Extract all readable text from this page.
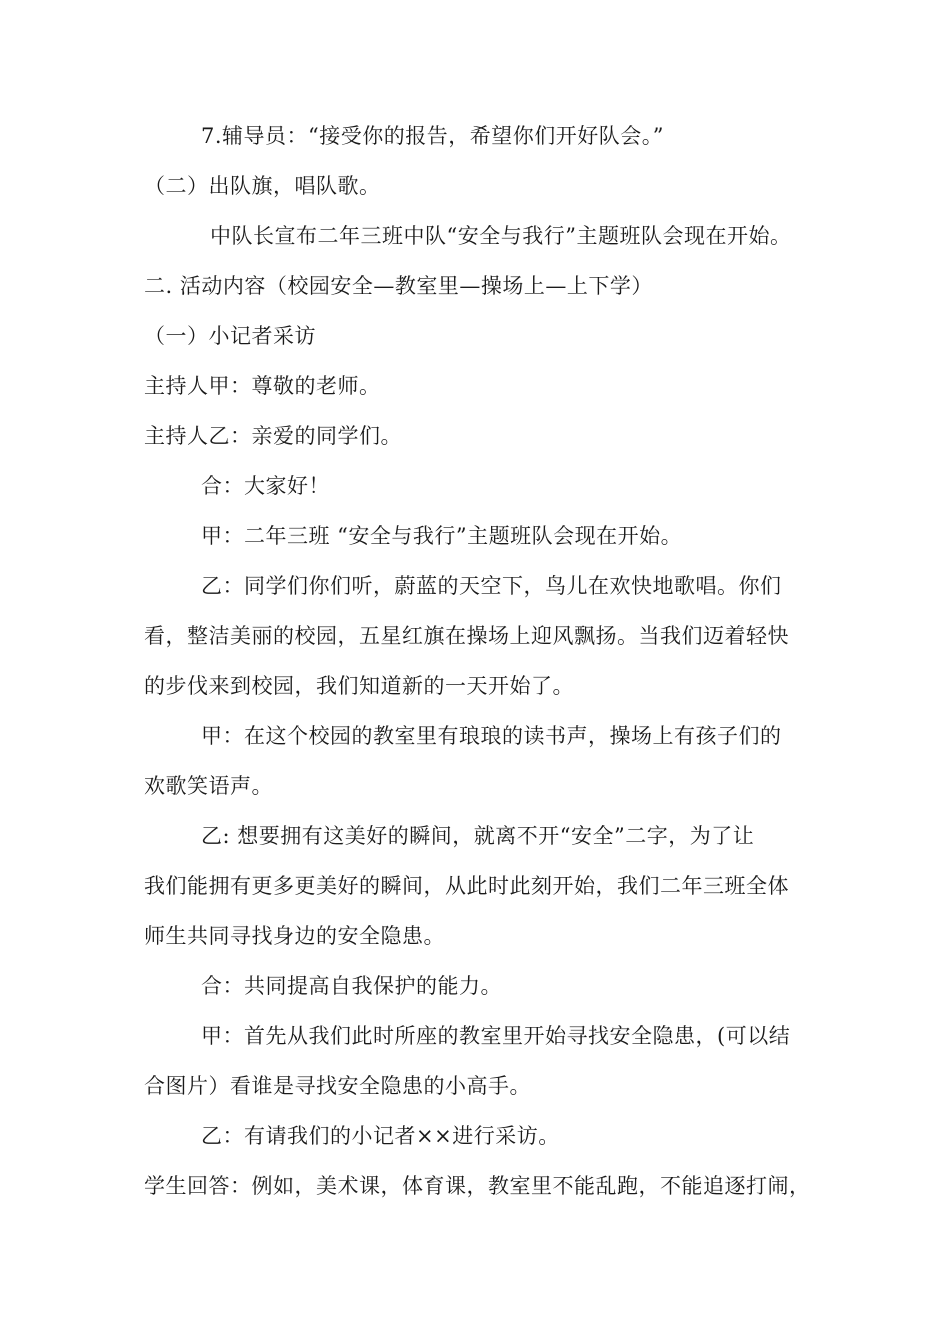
7.辅导员：“接受你的报告，希望你们开好队会。”
（二）出队旗，唱队歌。
中队长宣布二年三班中队“安全与我行”主题班队会现在开始。
二. 活动内容（校园安全—教室里—操场上—上下学）
（一）小记者采访
主持人甲：尊敬的老师。
主持人乙：亲爱的同学们。
合：大家好！
甲：二年三班 “安全与我行”主题班队会现在开始。
乙：同学们你们听，蔚蓝的天空下，鸟儿在欢快地歌唱。你们
看，整洁美丽的校园，五星红旗在操场上迎风飘扬。当我们迈着轻快
的步伐来到校园，我们知道新的一天开始了。
甲：在这个校园的教室里有琅琅的读书声，操场上有孩子们的
欢歌笑语声。
乙: 想要拥有这美好的瞬间，就离不开“安全”二字，为了让
我们能拥有更多更美好的瞬间，从此时此刻开始，我们二年三班全体
师生共同寻找身边的安全隐患。
合：共同提高自我保护的能力。
甲：首先从我们此时所座的教室里开始寻找安全隐患，(可以结
合图片）看谁是寻找安全隐患的小高手。
乙：有请我们的小记者××进行采访。
学生回答：例如，美术课，体育课，教室里不能乱跑，不能追逐打闹，
